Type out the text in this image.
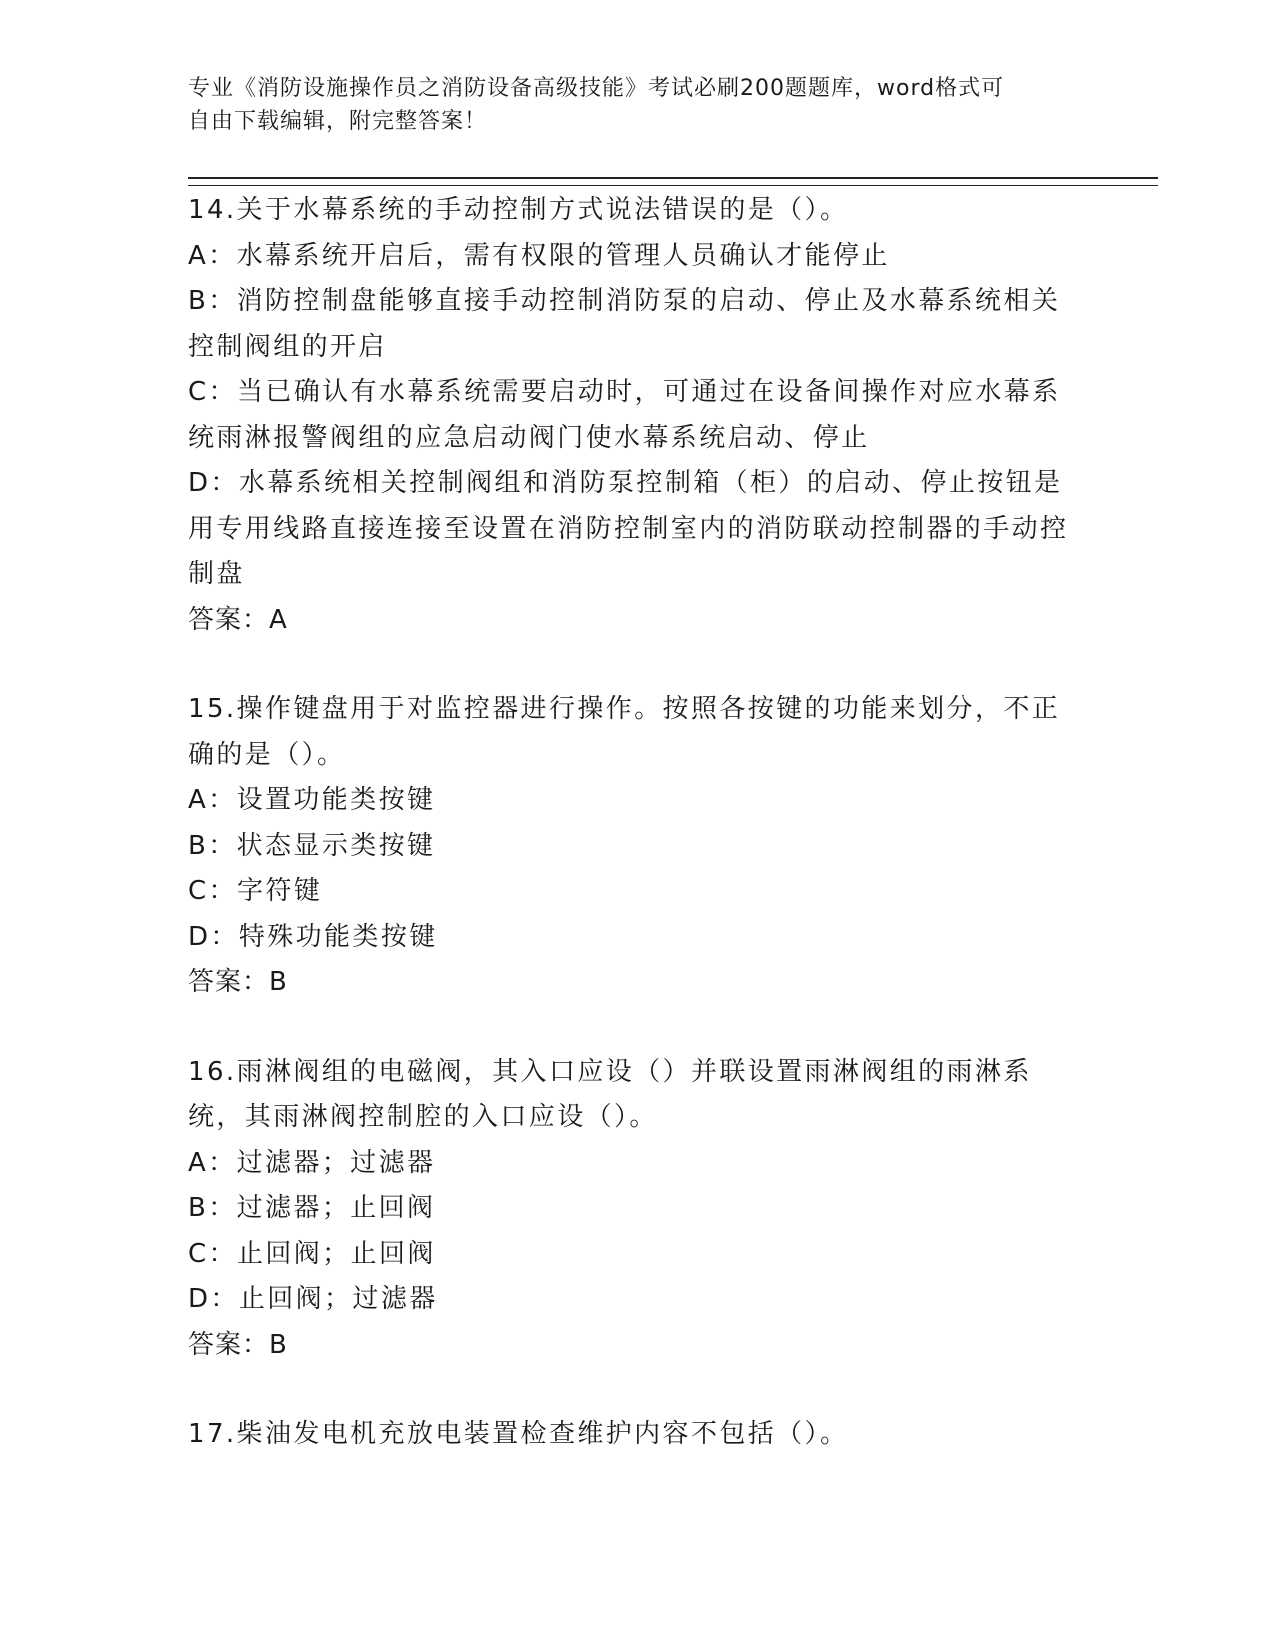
专业《消防设施操作员之消防设备高级技能》考试必刷200题题库，word格式可
自由下载编辑，附完整答案！
14.关于水幕系统的手动控制方式说法错误的是（）。
A：水幕系统开启后，需有权限的管理人员确认才能停止
B：消防控制盘能够直接手动控制消防泵的启动、停止及水幕系统相关控制阀组的开启
C：当已确认有水幕系统需要启动时，可通过在设备间操作对应水幕系统雨淋报警阀组的应急启动阀门使水幕系统启动、停止
D：水幕系统相关控制阀组和消防泵控制箱（柜）的启动、停止按钮是用专用线路直接连接至设置在消防控制室内的消防联动控制器的手动控制盘
答案：A
15.操作键盘用于对监控器进行操作。按照各按键的功能来划分，不正确的是（）。
A：设置功能类按键
B：状态显示类按键
C：字符键
D：特殊功能类按键
答案：B
16.雨淋阀组的电磁阀，其入口应设（）并联设置雨淋阀组的雨淋系统，其雨淋阀控制腔的入口应设（）。
A：过滤器；过滤器
B：过滤器；止回阀
C：止回阀；止回阀
D：止回阀；过滤器
答案：B
17.柴油发电机充放电装置检查维护内容不包括（）。
